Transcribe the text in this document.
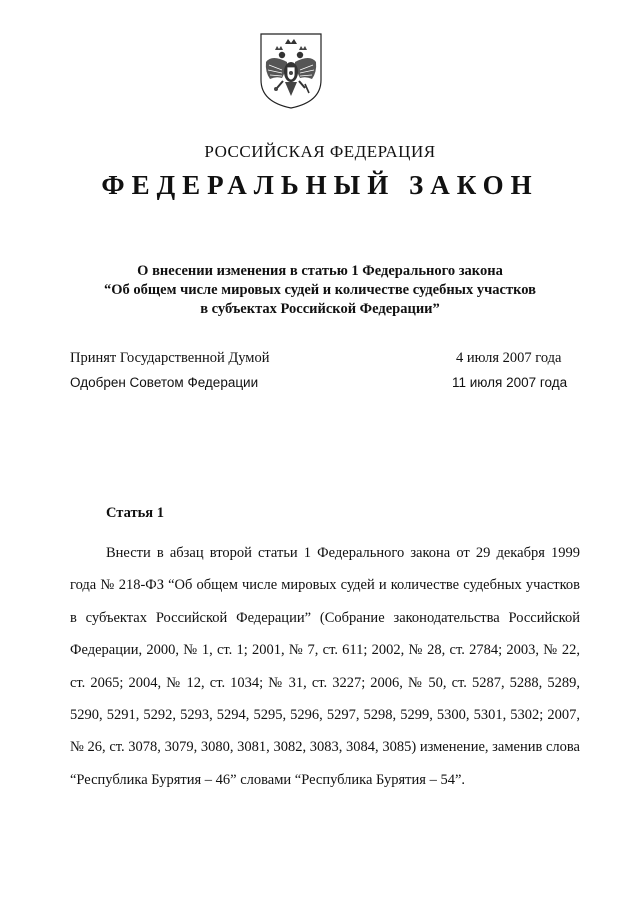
РОССИЙСКАЯ ФЕДЕРАЦИЯ
ФЕДЕРАЛЬНЫЙ ЗАКОН
О внесении изменения в статью 1 Федерального закона
“Об общем числе мировых судей и количестве судебных участков
в субъектах Российской Федерации”
Принят Государственной Думой	4 июля 2007 года
Одобрен Советом Федерации	11 июля 2007 года
Статья 1

Внести в абзац второй статьи 1 Федерального закона от 29 декабря 1999 года № 218-ФЗ “Об общем числе мировых судей и количестве судебных участков в субъектах Российской Федерации” (Собрание законодательства Российской Федерации, 2000, № 1, ст. 1; 2001, № 7, ст. 611; 2002, № 28, ст. 2784; 2003, № 22, ст. 2065; 2004, № 12, ст. 1034; № 31, ст. 3227; 2006, № 50, ст. 5287, 5288, 5289, 5290, 5291, 5292, 5293, 5294, 5295, 5296, 5297, 5298, 5299, 5300, 5301, 5302; 2007, № 26, ст. 3078, 3079, 3080, 3081, 3082, 3083, 3084, 3085) изменение, заменив слова “Республика Бурятия – 46” словами “Республика Бурятия – 54”.
